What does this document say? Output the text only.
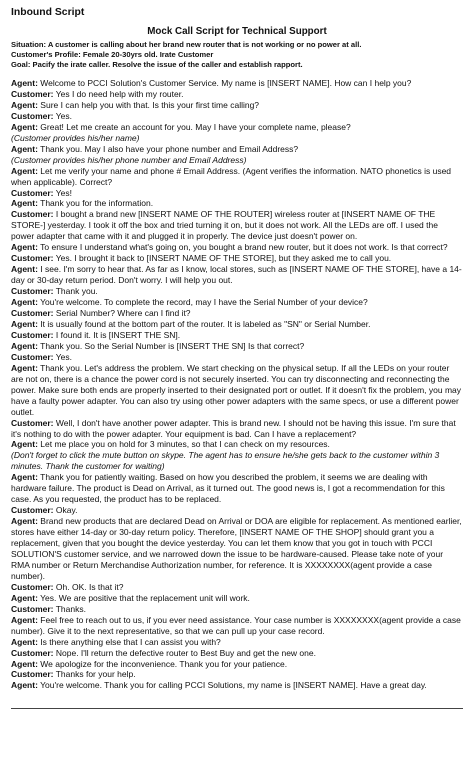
Inbound Script
Mock Call Script for Technical Support
Situation: A customer is calling about her brand new router that is not working or no power at all.
Customer's Profile: Female 20-30yrs old. Irate Customer
Goal: Pacify the irate caller. Resolve the issue of the caller and establish rapport.
Agent: Welcome to PCCI Solution's Customer Service. My name is [INSERT NAME]. How can I help you?
Customer: Yes I do need help with my router.
Agent: Sure I can help you with that. Is this your first time calling?
Customer: Yes.
Agent: Great! Let me create an account for you. May I have your complete name, please?
(Customer provides his/her name)
Agent: Thank you. May I also have your phone number and Email Address?
(Customer provides his/her phone number and Email Address)
Agent: Let me verify your name and phone # Email Address. (Agent verifies the information. NATO phonetics is used when applicable). Correct?
Customer: Yes!
Agent: Thank you for the information.
Customer: I bought a brand new [INSERT NAME OF THE ROUTER] wireless router at [INSERT NAME OF THE STORE-] yesterday. I took it off the box and tried turning it on, but it does not work. All the LEDs are off. I used the power adapter that came with it and plugged it in properly. The device just doesn't power on.
Agent: To ensure I understand what's going on, you bought a brand new router, but it does not work. Is that correct?
Customer: Yes. I brought it back to [INSERT NAME OF THE STORE], but they asked me to call you.
Agent: I see. I'm sorry to hear that. As far as I know, local stores, such as [INSERT NAME OF THE STORE], have a 14-day or 30-day return period. Don't worry. I will help you out.
Customer: Thank you.
Agent: You're welcome. To complete the record, may I have the Serial Number of your device?
Customer: Serial Number? Where can I find it?
Agent: It is usually found at the bottom part of the router. It is labeled as "SN" or Serial Number.
Customer: I found it. It is [INSERT THE SN].
Agent: Thank you. So the Serial Number is [INSERT THE SN] Is that correct?
Customer: Yes.
Agent: Thank you. Let's address the problem. We start checking on the physical setup. If all the LEDs on your router are not on, there is a chance the power cord is not securely inserted. You can try disconnecting and reconnecting the power. Make sure both ends are properly inserted to their designated port or outlet. If it doesn't fix the problem, you may have a faulty power adapter. You can also try using other power adapters with the same specs, or use a different power outlet.
Customer: Well, I don't have another power adapter. This is brand new. I should not be having this issue. I'm sure that it's nothing to do with the power adapter. Your equipment is bad. Can I have a replacement?
Agent: Let me place you on hold for 3 minutes, so that I can check on my resources.
(Don't forget to click the mute button on skype. The agent has to ensure he/she gets back to the customer within 3 minutes. Thank the customer for waiting)
Agent: Thank you for patiently waiting. Based on how you described the problem, it seems we are dealing with hardware failure. The product is Dead on Arrival, as it turned out. The good news is, I got a recommendation for this case. As you requested, the product has to be replaced.
Customer: Okay.
Agent: Brand new products that are declared Dead on Arrival or DOA are eligible for replacement. As mentioned earlier, stores have either 14-day or 30-day return policy. Therefore, [INSERT NAME OF THE SHOP] should grant you a replacement, given that you bought the device yesterday. You can let them know that you got in touch with PCCI SOLUTION'S customer service, and we narrowed down the issue to be hardware-caused. Please take note of your RMA number or Return Merchandise Authorization number, for reference. It is XXXXXXXX(agent provide a case number).
Customer: Oh. OK. Is that it?
Agent: Yes. We are positive that the replacement unit will work.
Customer: Thanks.
Agent: Feel free to reach out to us, if you ever need assistance. Your case number is XXXXXXXX(agent provide a case number). Give it to the next representative, so that we can pull up your case record.
Agent: Is there anything else that I can assist you with?
Customer: Nope. I'll return the defective router to Best Buy and get the new one.
Agent: We apologize for the inconvenience. Thank you for your patience.
Customer: Thanks for your help.
Agent: You're welcome. Thank you for calling PCCI Solutions, my name is [INSERT NAME]. Have a great day.
